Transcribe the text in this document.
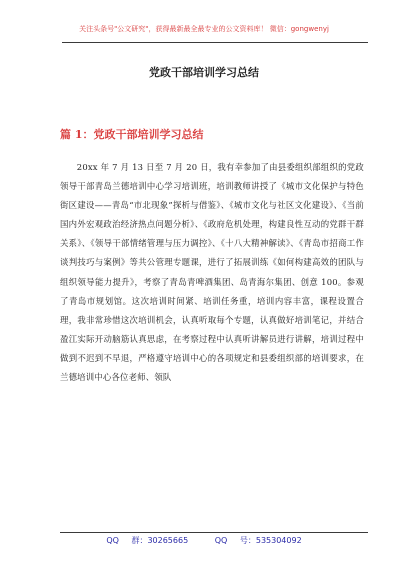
关注头条号"公文研究"，获得最新最全最专业的公文资料库！ 微信：gongwenyj
党政干部培训学习总结
篇 1：党政干部培训学习总结
20xx 年 7 月 13 日至 7 月 20 日，我有幸参加了由县委组织部组织的党政领导干部青岛兰德培训中心学习培训班，培训教师讲授了《城市文化保护与特色街区建设——青岛“市北现象”探析与借鉴》、《城市文化与社区文化建设》、《当前国内外宏观政治经济热点问题分析》、《政府危机处理，构建良性互动的党群干群关系》、《领导干部情绪管理与压力调控》、《十八大精神解读》、《青岛市招商工作谈判技巧与案例》等共公管理专题课，进行了拓展训练《如何构建高效的团队与组织领导能力提升》，考察了青岛青啤酒集团、岛青海尔集团、创意 100。参观了青岛市规划馆。这次培训时间紧、培训任务重，培训内容丰富，课程设置合理，我非常珍惜这次培训机会，认真听取每个专题，认真做好培训笔记，并结合盈江实际开动脑筋认真思虑，在考察过程中认真听讲解员进行讲解，培训过程中做到不迟到不早退，严格遵守培训中心的各项规定和县委组织部的培训要求，在兰德培训中心各位老师、领队
QQ 群：30265665	QQ 号：535304092
